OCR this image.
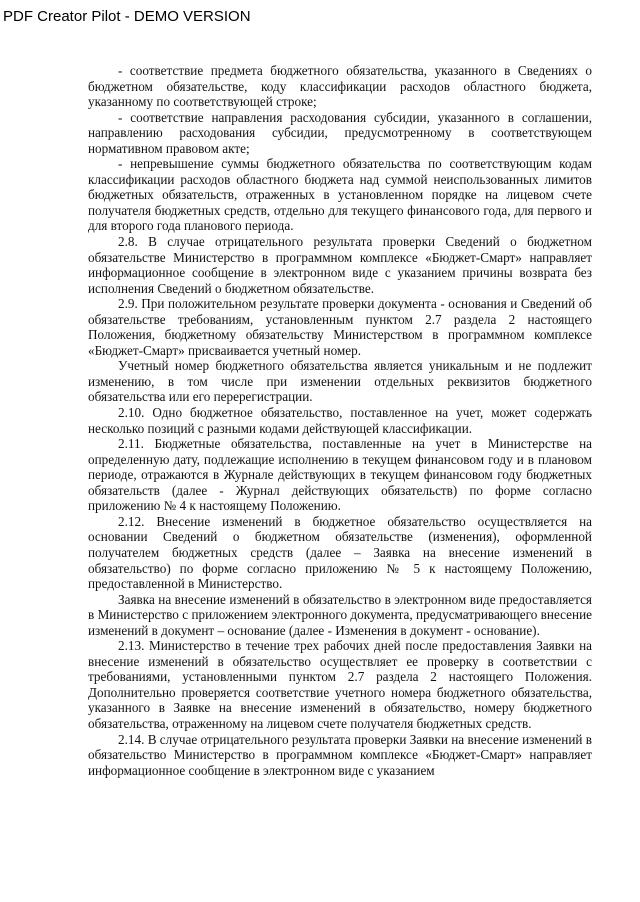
PDF Creator Pilot - DEMO VERSION

- соответствие предмета бюджетного обязательства, указанного в Сведениях о бюджетном обязательстве, коду классификации расходов областного бюджета, указанному по соответствующей строке;

- соответствие направления расходования субсидии, указанного в соглашении, направлению расходования субсидии, предусмотренному в соответствующем нормативном правовом акте;

- непревышение суммы бюджетного обязательства по соответствующим кодам классификации расходов областного бюджета над суммой неиспользованных лимитов бюджетных обязательств, отраженных в установленном порядке на лицевом счете получателя бюджетных средств, отдельно для текущего финансового года, для первого и для второго года планового периода.

2.8. В случае отрицательного результата проверки Сведений о бюджетном обязательстве Министерство в программном комплексе «Бюджет-Смарт» направляет информационное сообщение в электронном виде с указанием причины возврата без исполнения Сведений о бюджетном обязательстве.

2.9. При положительном результате проверки документа - основания и Сведений об обязательстве требованиям, установленным пунктом 2.7 раздела 2 настоящего Положения, бюджетному обязательству Министерством в программном комплексе «Бюджет-Смарт» присваивается учетный номер.

Учетный номер бюджетного обязательства является уникальным и не подлежит изменению, в том числе при изменении отдельных реквизитов бюджетного обязательства или его перерегистрации.

2.10. Одно бюджетное обязательство, поставленное на учет, может содержать несколько позиций с разными кодами действующей классификации.

2.11. Бюджетные обязательства, поставленные на учет в Министерстве на определенную дату, подлежащие исполнению в текущем финансовом году и в плановом периоде, отражаются в Журнале действующих в текущем финансовом году бюджетных обязательств (далее - Журнал действующих обязательств) по форме согласно приложению № 4 к настоящему Положению.

2.12. Внесение изменений в бюджетное обязательство осуществляется на основании Сведений о бюджетном обязательстве (изменения), оформленной получателем бюджетных средств (далее – Заявка на внесение изменений в обязательство) по форме согласно приложению № 5 к настоящему Положению, предоставленной в Министерство.

Заявка на внесение изменений в обязательство в электронном виде предоставляется в Министерство с приложением электронного документа, предусматривающего внесение изменений в документ – основание (далее - Изменения в документ - основание).

2.13. Министерство в течение трех рабочих дней после предоставления Заявки на внесение изменений в обязательство осуществляет ее проверку в соответствии с требованиями, установленными пунктом 2.7 раздела 2 настоящего Положения. Дополнительно проверяется соответствие учетного номера бюджетного обязательства, указанного в Заявке на внесение изменений в обязательство, номеру бюджетного обязательства, отраженному на лицевом счете получателя бюджетных средств.

2.14. В случае отрицательного результата проверки Заявки на внесение изменений в обязательство Министерство в программном комплексе «Бюджет-Смарт» направляет информационное сообщение в электронном виде с указанием
